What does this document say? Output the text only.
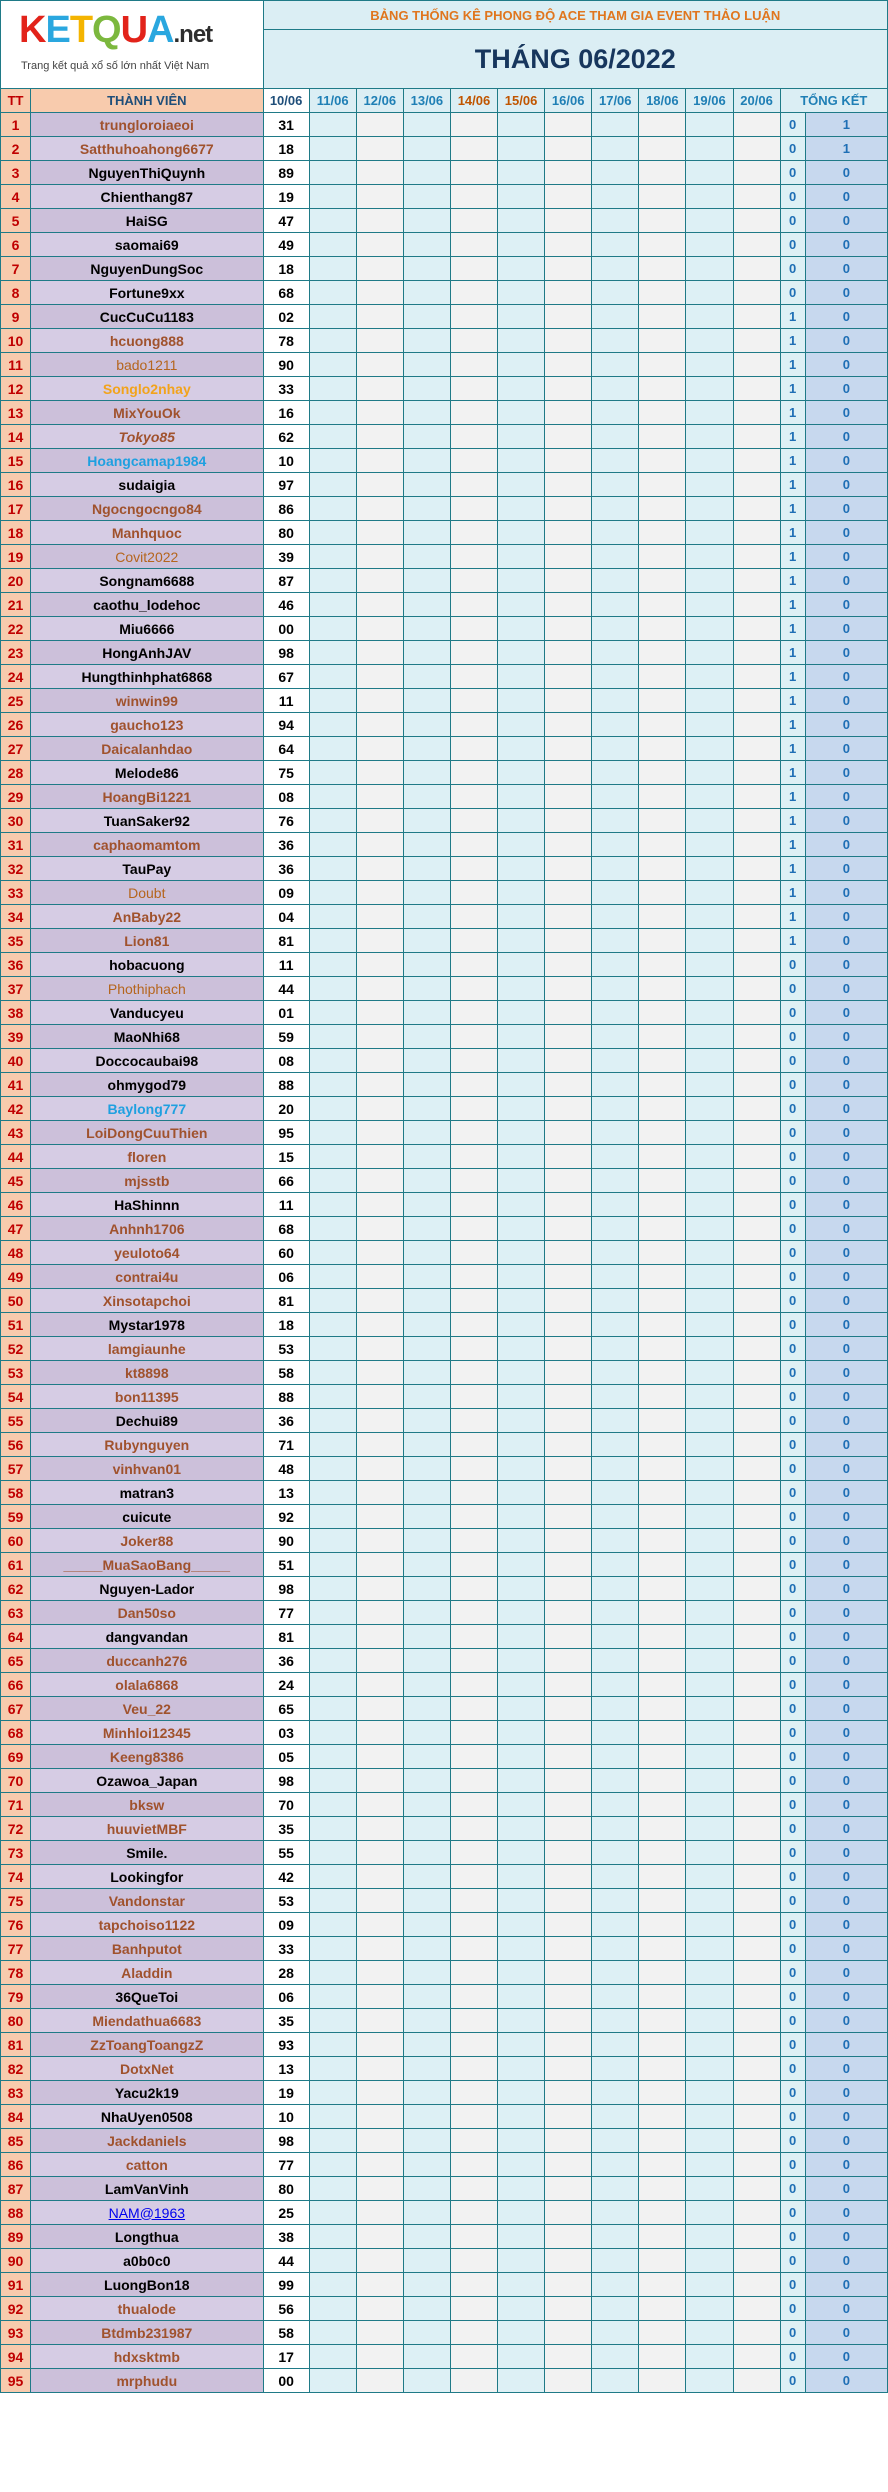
KETQUA.net
Trang kết quả xổ số lớn nhất Việt Nam		BẢNG THỐNG KÊ PHONG ĐỘ ACE THAM GIA EVENT THẢO LUẬN												
		THÁNG 06/2022												
TT	THÀNH VIÊN	10/06	11/06	12/06	13/06	14/06	15/06	16/06	17/06	18/06	19/06	20/06	TỔNG KẾT	
1	trungloroiaeoi	31											0	1
2	Satthuhoahong6677	18											0	1
3	NguyenThiQuynh	89											0	0
4	Chienthang87	19											0	0
5	HaiSG	47											0	0
6	saomai69	49											0	0
7	NguyenDungSoc	18											0	0
8	Fortune9xx	68											0	0
9	CucCuCu1183	02											1	0
10	hcuong888	78											1	0
11	bado1211	90											1	0
12	Songlo2nhay	33											1	0
13	MixYouOk	16											1	0
14	Tokyo85	62											1	0
15	Hoangcamap1984	10											1	0
16	sudaigia	97											1	0
17	Ngocngocngo84	86											1	0
18	Manhquoc	80											1	0
19	Covit2022	39											1	0
20	Songnam6688	87											1	0
21	caothu_lodehoc	46											1	0
22	Miu6666	00											1	0
23	HongAnhJAV	98											1	0
24	Hungthinhphat6868	67											1	0
25	winwin99	11											1	0
26	gaucho123	94											1	0
27	Daicalanhdao	64											1	0
28	Melode86	75											1	0
29	HoangBi1221	08											1	0
30	TuanSaker92	76											1	0
31	caphaomamtom	36											1	0
32	TauPay	36											1	0
33	Doubt	09											1	0
34	AnBaby22	04											1	0
35	Lion81	81											1	0
36	hobacuong	11											0	0
37	Phothiphach	44											0	0
38	Vanducyeu	01											0	0
39	MaoNhi68	59											0	0
40	Doccocaubai98	08											0	0
41	ohmygod79	88											0	0
42	Baylong777	20											0	0
43	LoiDongCuuThien	95											0	0
44	floren	15											0	0
45	mjsstb	66											0	0
46	HaShinnn	11											0	0
47	Anhnh1706	68											0	0
48	yeuloto64	60											0	0
49	contrai4u	06											0	0
50	Xinsotapchoi	81											0	0
51	Mystar1978	18											0	0
52	lamgiaunhe	53											0	0
53	kt8898	58											0	0
54	bon11395	88											0	0
55	Dechui89	36											0	0
56	Rubynguyen	71											0	0
57	vinhvan01	48											0	0
58	matran3	13											0	0
59	cuicute	92											0	0
60	Joker88	90											0	0
61	_____MuaSaoBang_____	51											0	0
62	Nguyen-Lador	98											0	0
63	Dan50so	77											0	0
64	dangvandan	81											0	0
65	duccanh276	36											0	0
66	olala6868	24											0	0
67	Veu_22	65											0	0
68	Minhloi12345	03											0	0
69	Keeng8386	05											0	0
70	Ozawoa_Japan	98											0	0
71	bksw	70											0	0
72	huuvietMBF	35											0	0
73	Smile.	55											0	0
74	Lookingfor	42											0	0
75	Vandonstar	53											0	0
76	tapchoiso1122	09											0	0
77	Banhputot	33											0	0
78	Aladdin	28											0	0
79	36QueToi	06											0	0
80	Miendathua6683	35											0	0
81	ZzToangToangzZ	93											0	0
82	DotxNet	13											0	0
83	Yacu2k19	19											0	0
84	NhaUyen0508	10											0	0
85	Jackdaniels	98											0	0
86	catton	77											0	0
87	LamVanVinh	80											0	0
88	NAM@1963	25											0	0
89	Longthua	38											0	0
90	a0b0c0	44											0	0
91	LuongBon18	99											0	0
92	thualode	56											0	0
93	Btdmb231987	58											0	0
94	hdxsktmb	17											0	0
95	mrphudu	00											0	0
